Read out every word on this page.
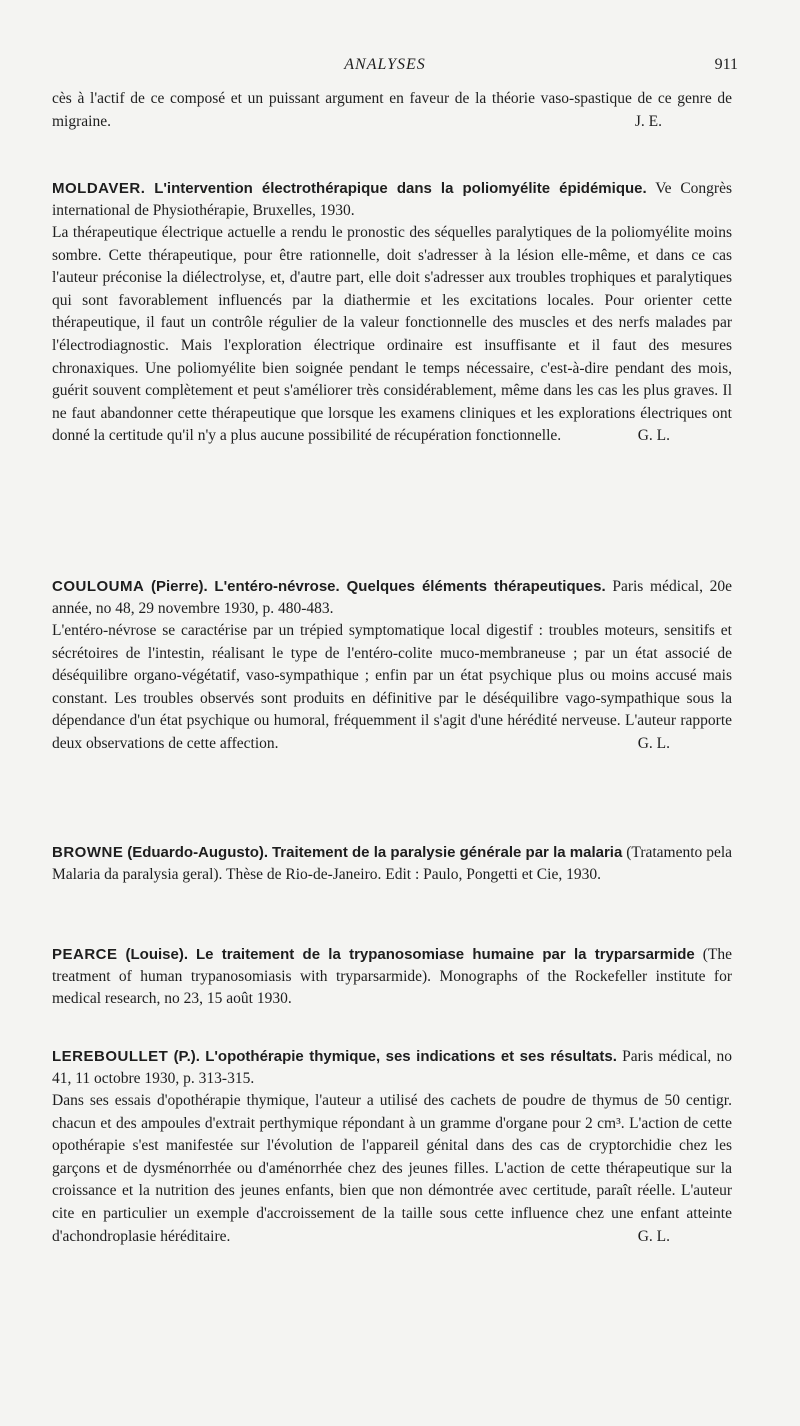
ANALYSES	911

cès à l'actif de ce composé et un puissant argument en faveur de la théorie vaso-spastique de ce genre de migraine.	J. E.

MOLDAVER. L'intervention électrothérapique dans la poliomyélite épidémique. Ve Congrès international de Physiothérapie, Bruxelles, 1930.

La thérapeutique électrique actuelle a rendu le pronostic des séquelles paralytiques de la poliomyélite moins sombre. Cette thérapeutique, pour être rationnelle, doit s'adresser à la lésion elle-même, et dans ce cas l'auteur préconise la diélectrolyse, et, d'autre part, elle doit s'adresser aux troubles trophiques et paralytiques qui sont favorablement influencés par la diathermie et les excitations locales. Pour orienter cette thérapeutique, il faut un contrôle régulier de la valeur fonctionnelle des muscles et des nerfs malades par l'électrodiagnostic. Mais l'exploration électrique ordinaire est insuffisante et il faut des mesures chronaxiques. Une poliomyélite bien soignée pendant le temps nécessaire, c'est-à-dire pendant des mois, guérit souvent complètement et peut s'améliorer très considérablement, même dans les cas les plus graves. Il ne faut abandonner cette thérapeutique que lorsque les examens cliniques et les explorations électriques ont donné la certitude qu'il n'y a plus aucune possibilité de récupération fonctionnelle.	G. L.

COULOUMA (Pierre). L'entéro-névrose. Quelques éléments thérapeutiques. Paris médical, 20e année, no 48, 29 novembre 1930, p. 480-483.

L'entéro-névrose se caractérise par un trépied symptomatique local digestif : troubles moteurs, sensitifs et sécrétoires de l'intestin, réalisant le type de l'entéro-colite muco-membraneuse ; par un état associé de déséquilibre organo-végétatif, vaso-sympathique ; enfin par un état psychique plus ou moins accusé mais constant. Les troubles observés sont produits en définitive par le déséquilibre vago-sympathique sous la dépendance d'un état psychique ou humoral, fréquemment il s'agit d'une hérédité nerveuse. L'auteur rapporte deux observations de cette affection.	G. L.

BROWNE (Eduardo-Augusto). Traitement de la paralysie générale par la malaria (Tratamento pela Malaria da paralysia geral). Thèse de Rio-de-Janeiro. Edit : Paulo, Pongetti et Cie, 1930.

PEARCE (Louise). Le traitement de la trypanosomiase humaine par la tryparsarmide (The treatment of human trypanosomiasis with tryparsarmide). Monographs of the Rockefeller institute for medical research, no 23, 15 août 1930.

LEREBOULLET (P.). L'opothérapie thymique, ses indications et ses résultats. Paris médical, no 41, 11 octobre 1930, p. 313-315.

Dans ses essais d'opothérapie thymique, l'auteur a utilisé des cachets de poudre de thymus de 50 centigr. chacun et des ampoules d'extrait perthymique répondant à un gramme d'organe pour 2 cm³. L'action de cette opothérapie s'est manifestée sur l'évolution de l'appareil génital dans des cas de cryptorchidie chez les garçons et de dysménorrhée ou d'aménorrhée chez des jeunes filles. L'action de cette thérapeutique sur la croissance et la nutrition des jeunes enfants, bien que non démontrée avec certitude, paraît réelle. L'auteur cite en particulier un exemple d'accroissement de la taille sous cette influence chez une enfant atteinte d'achondroplasie héréditaire.	G. L.
